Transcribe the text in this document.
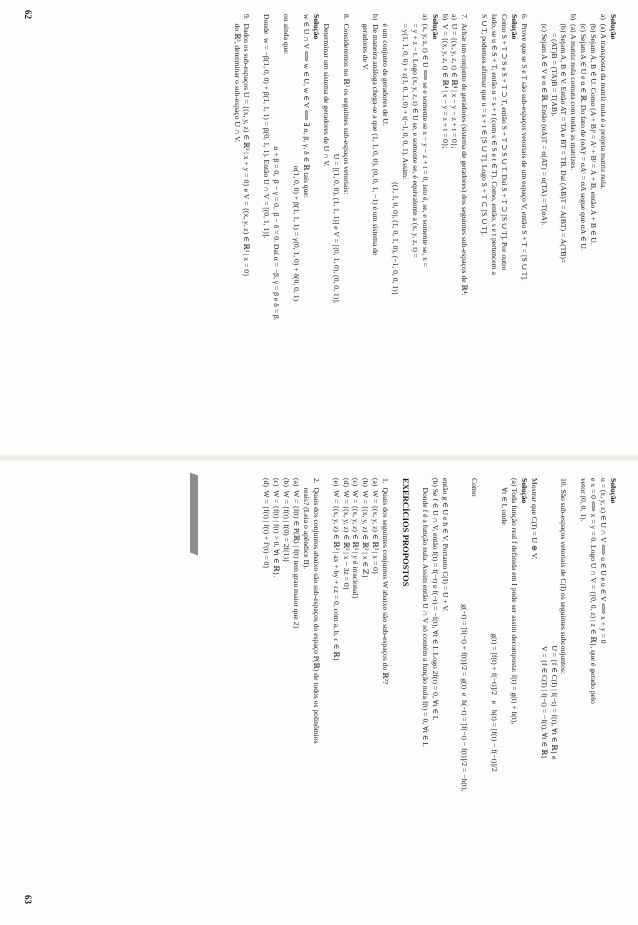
62
63

Solução

a)  (a) A transposta da matriz nula é a própria matriz nula.

(b) Sejam A, B ∈ U. Como (A + B)ᵗ = Aᵗ + Bᵗ = A + B, então A + B ∈ U.

(c) Sejam A ∈ U e α ∈ ℝ. Do fato de (αA)ᵗ = αAᵗ = αA segue que αA ∈ U.

b)  (a) A matriz nula comuta com todas as matrizes.

(b) Sejam A, B ∈ V. Então AT = TA e BT = TB. Daí (AB)T = A(BT) = A(TB)=

= (AT)B = (TA)B = T(AB).

(c) Sejam A ∈ V e α ∈ ℝ. Então (αA)T = α(AT) = α(TA) = T(αA).

6.  Prove que se S e T são sub-espaços vetoriais de um espaço V, então S + T = [S ∪ T].

Solução

Como S + T ⊃ S e S + T ⊃ T, então S + T ⊃ S ∪ T. Daí S + T ⊃ [S ∪ T]. Por outro

lado, se u ∈ S + T, então u = s + t (com s ∈ S e t ∈ T). Como, então, s e t pertencem a

S ∪ T, podemos afirmar que u = s + t ∈ [S ∪ T]. Logo S + T ⊂ [S ∪ T].

7.  Achar um conjunto de geradores (sistema de geradores) dos seguintes sub-espaços de ℝ⁴:

a)  U = {(x, y, z, t) ∈ ℝ⁴ | x − y − z + t = 0};

b)  V = {(x, y, z, t) ∈ ℝ⁴ | x − y = z + t = 0};

Solução

a)  (x, y, z, t) ∈ U ⟺ se e somente se x − y − z + t = 0, isto é, se, e somente se, x =

= y + z − t. Logo (x, y, z, t) ∈ U se, e somente se, é equivalente a (x, y, z, t) =

= y(1, 1, 0, 0) + z(1, 0, 1, 0) + t(−1, 0, 0, 1). Assim:

{(1, 1, 0, 0), (1, 0, 1, 0), (−1, 0, 0, 1)}

é um conjunto de geradores de U.

b)  De maneira análoga chega-se a que (1, 1, 0, 0), (0, 0, 1, −1) é um sistema de

geradores de V.

8.  Consideremos no ℝ³ os seguintes sub-espaços vetoriais:

U = [(1, 0, 0), (1, 1, 1)] e V = [(0, 1, 0), (0, 0, 1)].

Determinar um sistema de geradores de U ∩ V.

Solução

w ∈ U ∩ V ⟺ w ∈ U, w ∈ V ⟺ ∃ α, β, γ, δ ∈ ℝ tais que:

α(1, 0, 0) + β(1, 1, 1) = γ(0, 1, 0) + δ(0, 0, 1)

ou ainda que:

α + β = 0,  β − γ = 0,  β − δ = 0. Daí α = −β, γ = β e δ = β.

Donde  w = −β(1, 0, 0) + β(1, 1, 1) = β(0, 1, 1). Então U ∩ V = [(0, 1, 1)].

9.  Dados os sub-espaços U = {(x, y, z) ∈ ℝ³ | x + y = 0} e V = {(x, y, z) ∈ ℝ³ | x = 0}

do ℝ³, determinar o sub-espaço U ∩ V.

Solução

u = (x, y, z) ∈ U ∩ V ⟺ u ∈ U e u ∈ V ⟺ x + y = 0

e x = 0 ⟺ x = y = 0. Logo U ∩ V = {(0, 0, z) | z ∈ ℝ}, que é gerado pelo

vetor (0, 0, 1).

10. São sub-espaços vetoriais de C(I) os seguintes subconjuntos:

U = {f ∈ C(I) | f(−t) = f(t), ∀t ∈ ℝ} e

V = {f ∈ C(I) | f(−t) = −f(t), ∀t ∈ ℝ}

Mostrar que C(I) = U ⊕ V.

Solução

(a) Toda função real f definida em I pode ser assim decomposta: f(t) = g(t) + h(t),

∀t ∈ I, onde

g(t) = [f(t) + f(−t)]/2   e   h(t) = [f(t) − f(−t)]/2

Como

g(−t) = [f(−t) + f(t)]/2 = g(t)  e  h(−t) = [f(−t) − f(t)]/2 = −h(t),

então g ∈ U e h ∈ V. Portanto C(I) = U + V.

(b) Se f ∈ U ∩ V, então f(t) = f(−t) e f(−t) = −f(t), ∀t ∈ I. Logo 2f(t) = 0, ∀t ∈ I.

Donde f é a função nula. Assim então U ∩ V só contém a função nula f(t) = 0, ∀t ∈ I.

EXERCÍCIOS PROPOSTOS

1.  Quais dos seguintes conjuntos W abaixo são sub-espaços do ℝ³?

(a)  W = {(x, y, z) ∈ ℝ³ | x = 0}

(b)  W = {(x, y, z) ∈ ℝ³ | x ∈ ℤ}

(c)  W = {(x, y, z) ∈ ℝ³ | y é irracional}

(d)  W = {(x, y, z) ∈ ℝ³ | x − 3z = 0}

(e)  W = {(x, y, z) ∈ ℝ³ | ax + by + cz = 0, com a, b, c ∈ ℝ}

2.  Quais dos conjuntos abaixo são sub-espaços do espaço P(ℝ) de todos os polinômios

reais? (Leia o apêndice II).

(a)  W = {f(t) ∈ P(ℝ) | f(t) tem grau maior que 2}

(b)  W = {f(t) | f(0) = 2f(1)}

(c)  W = {f(t) | f(t) > 0, ∀t ∈ ℝ}.

(d)  W = {f(t) | f(t) + f′(t) = 0}
